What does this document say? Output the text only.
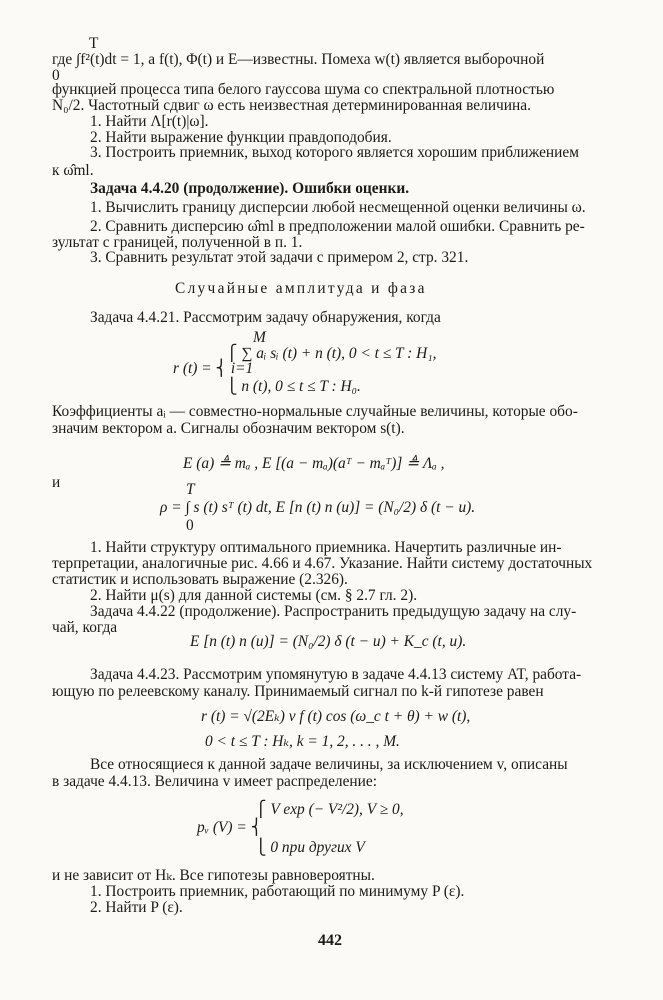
442
T
где ∫f²(t)dt = 1, а f(t), Φ(t) и E—известны. Помеха w(t) является выборочной
0
функцией процесса типа белого гауссова шума со спектральной плотностью
N₀/2. Частотный сдвиг ω есть неизвестная детерминированная величина.
1. Найти Λ[r(t)|ω].
2. Найти выражение функции правдоподобия.
3. Построить приемник, выход которого является хорошим приближением
к ω̂ml.
Задача 4.4.20 (продолжение). Ошибки оценки.
1. Вычислить границу дисперсии любой несмещенной оценки величины ω.
2. Сравнить дисперсию ω̂ml в предположении малой ошибки. Сравнить ре-
зультат с границей, полученной в п. 1.
3. Сравнить результат этой задачи с примером 2, стр. 321.
Случайные амплитуда и фаза
Задача 4.4.21. Рассмотрим задачу обнаружения, когда
M
⎧ ∑ aᵢ sᵢ (t) + n (t), 0 < t ≤ T : H₁,
r (t) = ⎨ i=1
⎩ n (t), 0 ≤ t ≤ T : H₀.
Коэффициенты aᵢ — совместно-нормальные случайные величины, которые обо-
значим вектором a. Сигналы обозначим вектором s(t).
E (a) ≜ mₐ , E [(a − mₐ)(aᵀ − mₐᵀ)] ≜ Λₐ ,
и	T
ρ = ∫ s (t) sᵀ (t) dt, E [n (t) n (u)] = (N₀/2) δ (t − u).
0
1. Найти структуру оптимального приемника. Начертить различные ин-
терпретации, аналогичные рис. 4.66 и 4.67. Указание. Найти систему достаточных
статистик и использовать выражение (2.326).
2. Найти μ(s) для данной системы (см. § 2.7 гл. 2).
Задача 4.4.22 (продолжение). Распространить предыдущую задачу на слу-
чай, когда
E [n (t) n (u)] = (N₀/2) δ (t − u) + K_c (t, u).
Задача 4.4.23. Рассмотрим упомянутую в задаче 4.4.13 систему AT, работа-
ющую по релеевскому каналу. Принимаемый сигнал по k-й гипотезе равен
r (t) = √(2Eₖ) v f (t) cos (ω_c t + θ) + w (t),
0 < t ≤ T : Hₖ, k = 1, 2, . . . , M.
Все относящиеся к данной задаче величины, за исключением v, описаны
в задаче 4.4.13. Величина v имеет распределение:
⎧ V exp (− V²/2), V ≥ 0,
pᵥ (V) = ⎨
⎩ 0 при других V
и не зависит от Hₖ. Все гипотезы равновероятны.
1. Построить приемник, работающий по минимуму P (ε).
2. Найти P (ε).
